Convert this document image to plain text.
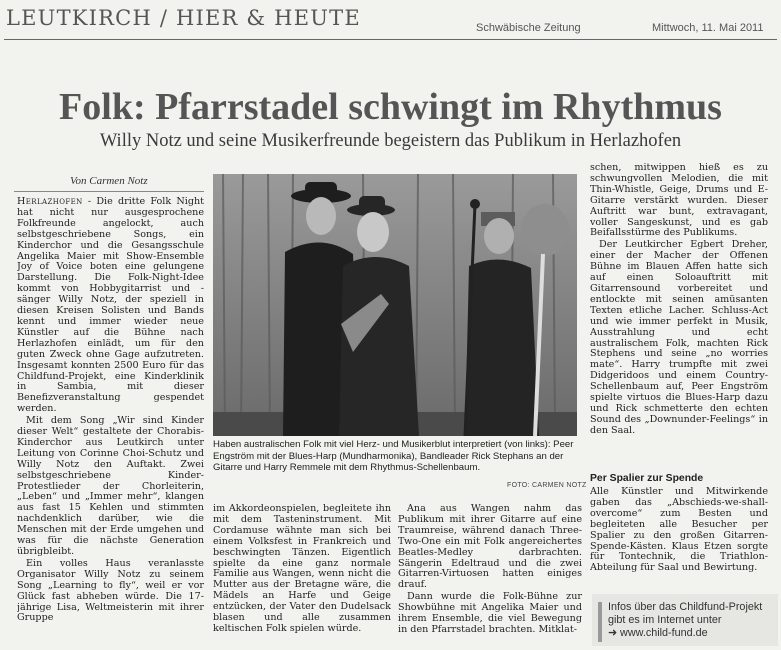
LEUTKIRCH / HIER & HEUTE	Schwäbische Zeitung	Mittwoch, 11. Mai 2011
Folk: Pfarrstadel schwingt im Rhythmus
Willy Notz und seine Musikerfreunde begeistern das Publikum in Herlazhofen
Von Carmen Notz

Herlazhofen - Die dritte Folk Night hat nicht nur ausgesprochene Folkfreunde angelockt, auch selbstgeschriebene Songs, ein Kinderchor und die Gesangsschule Angelika Maier mit Show-Ensemble Joy of Voice boten eine gelungene Darstellung. Die Folk-Night-Idee kommt von Hobbygitarrist und -sänger Willy Notz, der speziell in diesen Kreisen Solisten und Bands kennt und immer wieder neue Künstler auf die Bühne nach Herlazhofen einlädt, um für den guten Zweck ohne Gage aufzutreten. Insgesamt konnten 2500 Euro für das Childfund-Projekt, eine Kinderklinik in Sambia, mit dieser Benefizveranstaltung gespendet werden.

Mit dem Song „Wir sind Kinder dieser Welt“ gestaltete der Chorabis-Kinderchor aus Leutkirch unter Leitung von Corinne Choi-Schutz und Willy Notz den Auftakt. Zwei selbstgeschriebene Kinder-Protestlieder der Chorleiterin, „Leben“ und „Immer mehr“, klangen aus fast 15 Kehlen und stimmten nachdenklich darüber, wie die Menschen mit der Erde umgehen und was für die nächste Generation übrigbleibt.

Ein volles Haus veranlasste Organisator Willy Notz zu seinem Song „Learning to fly“, weil er vor Glück fast abheben würde. Die 17-jährige Lisa, Weltmeisterin mit ihrer Gruppe

Haben australischen Folk mit viel Herz- und Musikerblut interpretiert (von links): Peer Engström mit der Blues-Harp (Mundharmonika), Bandleader Rick Stephans an der Gitarre und Harry Remmele mit dem Rhythmus-Schellenbaum.
FOTO: CARMEN NOTZ

im Akkordeonspielen, begleitete ihn mit dem Tasteninstrument. Mit Cordamuse wähnte man sich bei einem Volksfest in Frankreich und beschwingten Tänzen. Eigentlich spielte da eine ganz normale Familie aus Wangen, wenn nicht die Mutter aus der Bretagne wäre, die Mädels an Harfe und Geige entzücken, der Vater den Dudelsack blasen und alle zusammen keltischen Folk spielen würde.

Ana aus Wangen nahm das Publikum mit ihrer Gitarre auf eine Traumreise, während danach Three-Two-One ein mit Folk angereichertes Beatles-Medley darbrachten. Sängerin Edeltraud und die zwei Gitarren-Virtuosen hatten einiges drauf.

Dann wurde die Folk-Bühne zur Showbühne mit Angelika Maier und ihrem Ensemble, die viel Bewegung in den Pfarrstadel brachten. Mitklat-

schen, mitwippen hieß es zu schwungvollen Melodien, die mit Thin-Whistle, Geige, Drums und E-Gitarre verstärkt wurden. Dieser Auftritt war bunt, extravagant, voller Sangeskunst, und es gab Beifallsstürme des Publikums.

Der Leutkircher Egbert Dreher, einer der Macher der Offenen Bühne im Blauen Affen hatte sich auf einen Soloauftritt mit Gitarrensound vorbereitet und entlockte mit seinen amüsanten Texten etliche Lacher. Schluss-Act und wie immer perfekt in Musik, Ausstrahlung und echt australischem Folk, machten Rick Stephens und seine „no worries mate“. Harry trumpfte mit zwei Didgeridoos und einem Country-Schellenbaum auf, Peer Engström spielte virtuos die Blues-Harp dazu und Rick schmetterte den echten Sound des „Downunder-Feelings“ in den Saal.

Per Spalier zur Spende

Alle Künstler und Mitwirkende gaben das „Abschieds-we-shall-overcome“ zum Besten und begleiteten alle Besucher per Spalier zu den großen Gitarren-Spende-Kästen. Klaus Etzen sorgte für Tontechnik, die Triathlon-Abteilung für Saal und Bewirtung.

Infos über das Childfund-Projekt
gibt es im Internet unter
➜ www.child-fund.de
